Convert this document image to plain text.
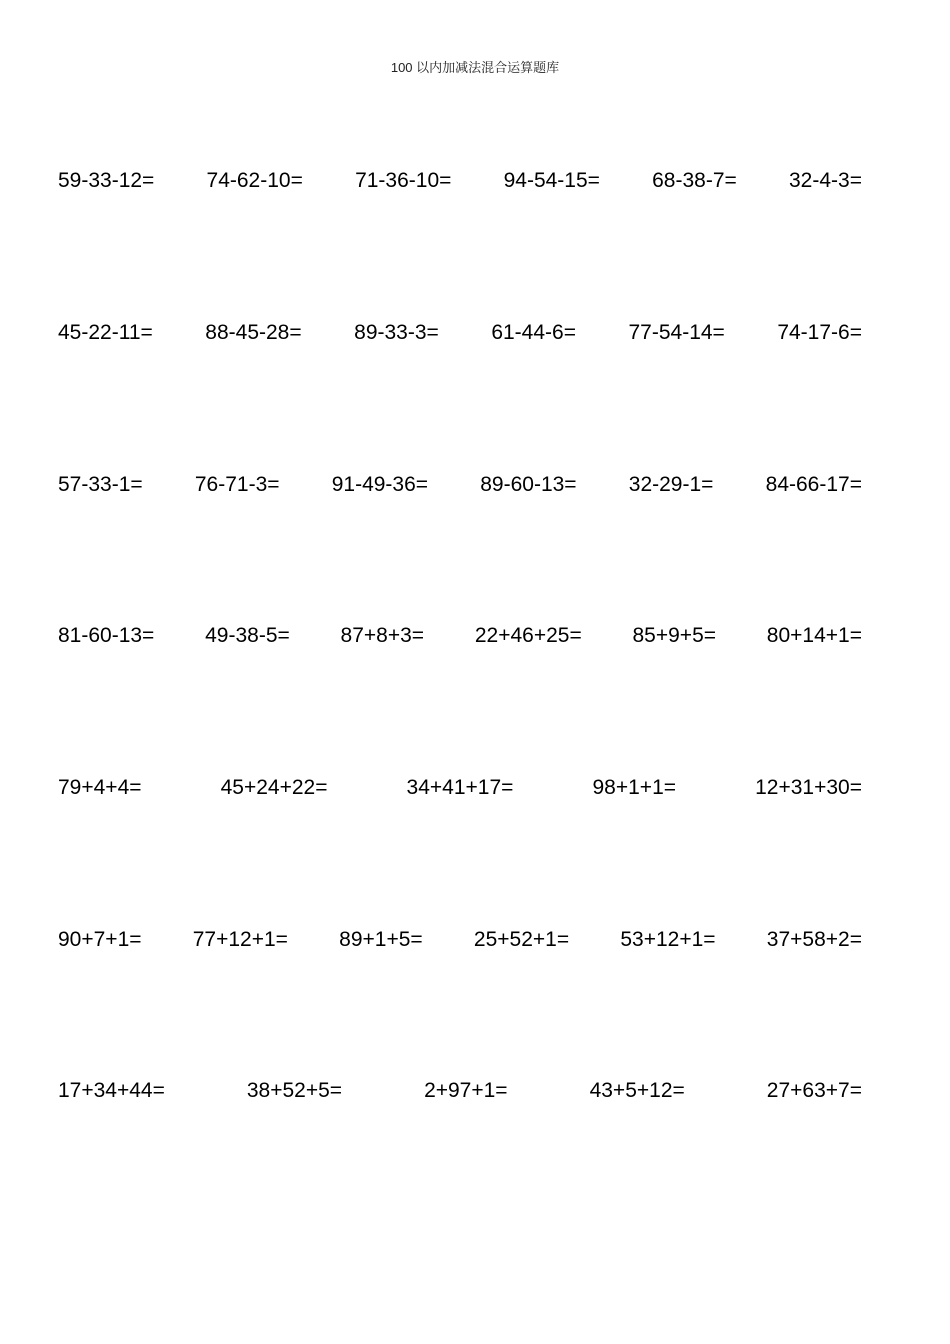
100 以内加减法混合运算题库
59-33-12= 74-62-10= 71-36-10= 94-54-15= 68-38-7= 32-4-3=
45-22-11=	88-45-28=	89-33-3=	61-44-6=	77-54-14=	74-17-6=
57-33-1= 76-71-3= 91-49-36= 89-60-13= 32-29-1= 84-66-17=
81-60-13= 49-38-5= 87+8+3= 22+46+25= 85+9+5= 80+14+1=
79+4+4=	45+24+22=	34+41+17=	98+1+1=	12+31+30=
90+7+1= 77+12+1= 89+1+5= 25+52+1= 53+12+1= 37+58+2=
17+34+44=	38+52+5=	2+97+1=	43+5+12=	27+63+7=
